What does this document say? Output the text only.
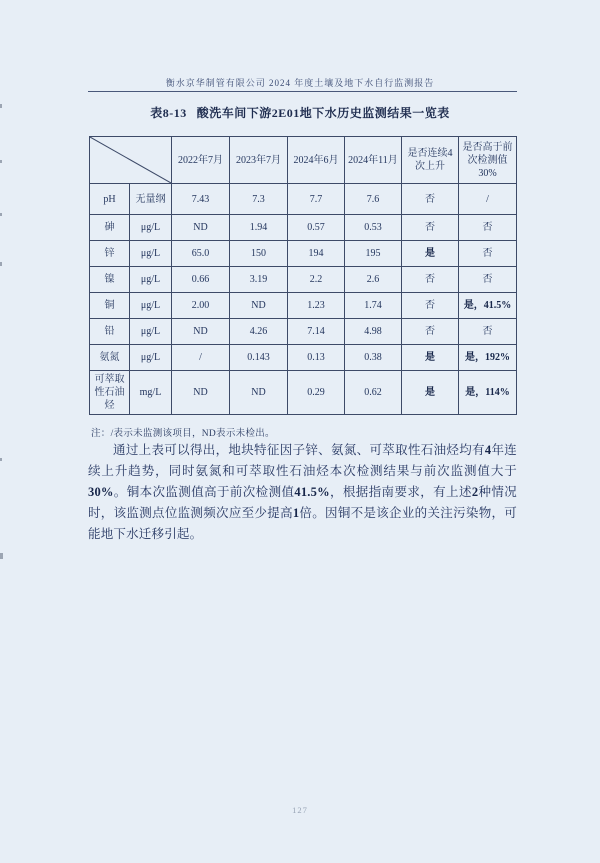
衡水京华制管有限公司 2024 年度土壤及地下水自行监测报告
表8-13 酸洗车间下游2E01地下水历史监测结果一览表
	2022年7月	2023年7月	2024年6月	2024年11月	是否连续4次上升	是否高于前次检测值30%
pH	无量纲	7.43	7.3	7.7	7.6	否	/
砷	μg/L	ND	1.94	0.57	0.53	否	否
锌	μg/L	65.0	150	194	195	是	否
镍	μg/L	0.66	3.19	2.2	2.6	否	否
铜	μg/L	2.00	ND	1.23	1.74	否	是，41.5%
铅	μg/L	ND	4.26	7.14	4.98	否	否
氨氮	μg/L	/	0.143	0.13	0.38	是	是，192%
可萃取性石油烃	mg/L	ND	ND	0.29	0.62	是	是，114%
注：/表示未监测该项目，ND表示未检出。
通过上表可以得出，地块特征因子锌、氨氮、可萃取性石油烃均有4年连续上升趋势，同时氨氮和可萃取性石油烃本次检测结果与前次监测值大于30%。铜本次监测值高于前次检测值41.5%，根据指南要求，有上述2种情况时，该监测点位监测频次应至少提高1倍。因铜不是该企业的关注污染物，可能地下水迁移引起。
127
